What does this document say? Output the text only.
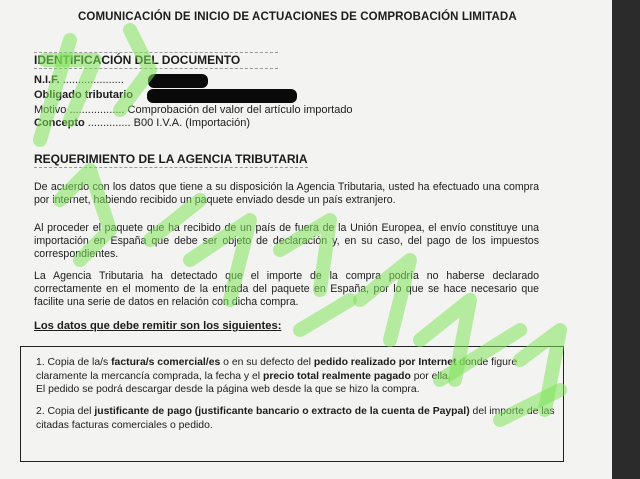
COMUNICACIÓN DE INICIO DE ACTUACIONES DE COMPROBACIÓN LIMITADA
IDENTIFICACIÓN DEL DOCUMENTO
N.I.F. ....................
Obligado tributario
Motivo .................. Comprobación del valor del artículo importado
Concepto .............. B00 I.V.A. (Importación)
REQUERIMIENTO DE LA AGENCIA TRIBUTARIA
De acuerdo con los datos que tiene a su disposición la Agencia Tributaria, usted ha efectuado una compra por internet, habiendo recibido un paquete enviado desde un país extranjero.
Al proceder el paquete que ha recibido de un país de fuera de la Unión Europea, el envío constituye una importación en España que debe ser objeto de declaración y, en su caso, del pago de los impuestos correspondientes.
La Agencia Tributaria ha detectado que el importe de la compra podría no haberse declarado correctamente en el momento de la entrada del paquete en España, por lo que se hace necesario que facilite una serie de datos en relación con dicha compra.
Los datos que debe remitir son los siguientes:
1. Copia de la/s factura/s comercial/es o en su defecto del pedido realizado por Internet donde figure claramente la mercancía comprada, la fecha y el precio total realmente pagado por ella.
El pedido se podrá descargar desde la página web desde la que se hizo la compra.
2. Copia del justificante de pago (justificante bancario o extracto de la cuenta de Paypal) del importe de las citadas facturas comerciales o pedido.
